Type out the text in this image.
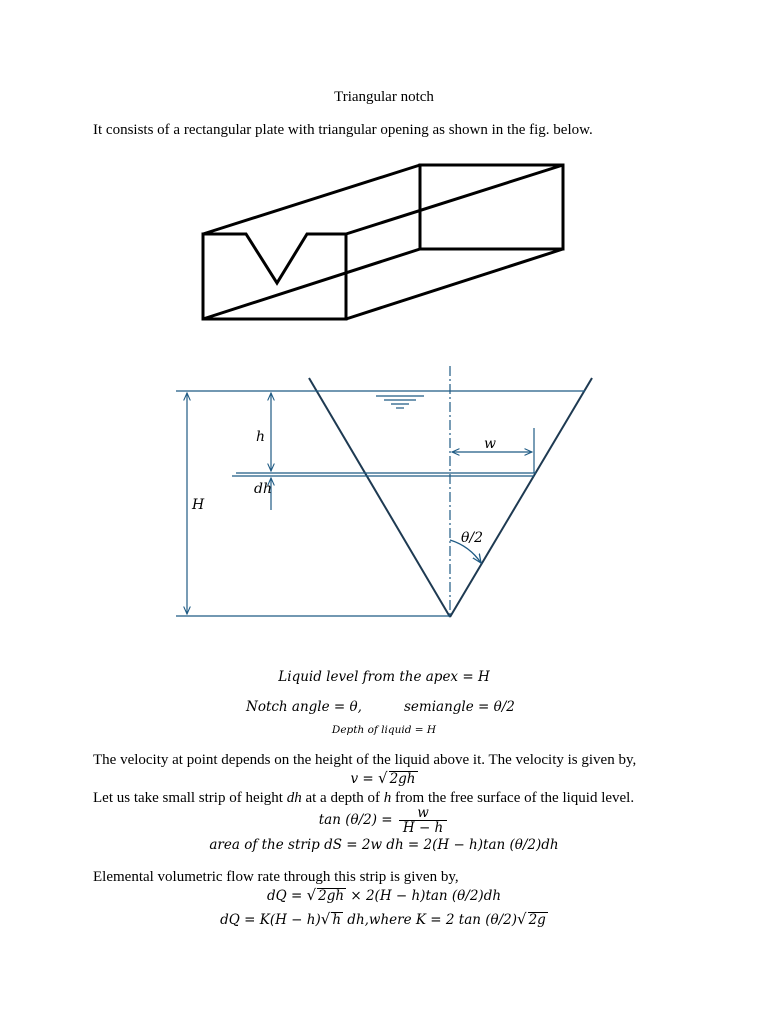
Triangular notch
It consists of a rectangular plate with triangular opening as shown in the fig. below.
h
dh
H
w
θ/2
Liquid level from the apex = H
Notch angle = θ,	semiangle = θ/2
Depth of liquid = H
The velocity at point depends on the height of the liquid above it. The velocity is given by,
v = √ 2gh
Let us take small strip of height dh at a depth of h from the free surface of the liquid level.
$\tan (\theta/2) = \frac{w}{H - h}$
area of the strip dS = 2w dh = 2(H − h)tan (θ/2)dh
Elemental volumetric flow rate through this strip is given by,
dQ = √ 2gh × 2(H − h)tan (θ/2)dh
dQ = K(H − h)√ h dh,where K = 2 tan (θ/2)√ 2g
